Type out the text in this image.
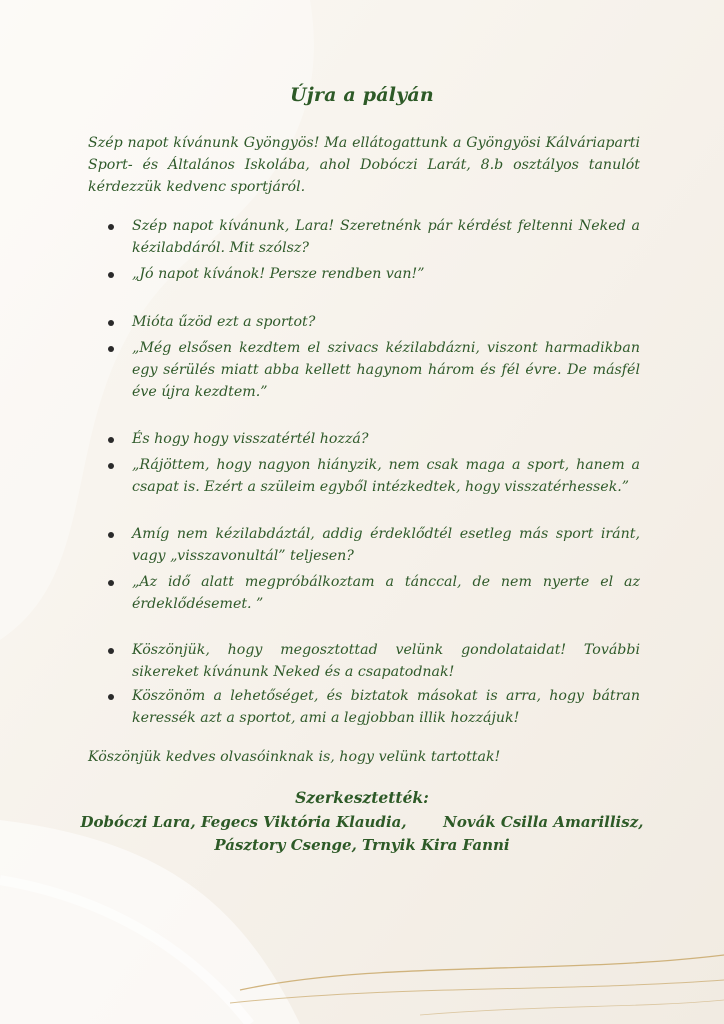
Újra a pályán

Szép napot kívánunk Gyöngyös! Ma ellátogattunk a Gyöngyösi Kálváriaparti Sport- és Általános Iskolába, ahol Dobóczi Larát, 8.b osztályos tanulót kérdezzük kedvenc sportjáról.

Szép napot kívánunk, Lara! Szeretnénk pár kérdést feltenni Neked a kézilabdáról. Mit szólsz?
„Jó napot kívánok! Persze rendben van!”
Mióta űzöd ezt a sportot?
„Még elsősen kezdtem el szivacs kézilabdázni, viszont harmadikban egy sérülés miatt abba kellett hagynom három és fél évre. De másfél éve újra kezdtem.”
És hogy hogy visszatértél hozzá?
„Rájöttem, hogy nagyon hiányzik, nem csak maga a sport, hanem a csapat is. Ezért a szüleim egyből intézkedtek, hogy visszatérhessek.”
Amíg nem kézilabdáztál, addig érdeklődtél esetleg más sport iránt, vagy „visszavonultál” teljesen?
„Az idő alatt megpróbálkoztam a tánccal, de nem nyerte el az érdeklődésemet. ”
Köszönjük, hogy megosztottad velünk gondolataidat! További sikereket kívánunk Neked és a csapatodnak!
Köszönöm a lehetőséget, és biztatok másokat is arra, hogy bátran keressék azt a sportot, ami a legjobban illik hozzájuk!

Köszönjük kedves olvasóinknak is, hogy velünk tartottak!

Szerkesztették:
Dobóczi Lara, Fegecs Viktória Klaudia,       Novák Csilla Amarillisz,
Pásztory Csenge, Trnyik Kira Fanni
